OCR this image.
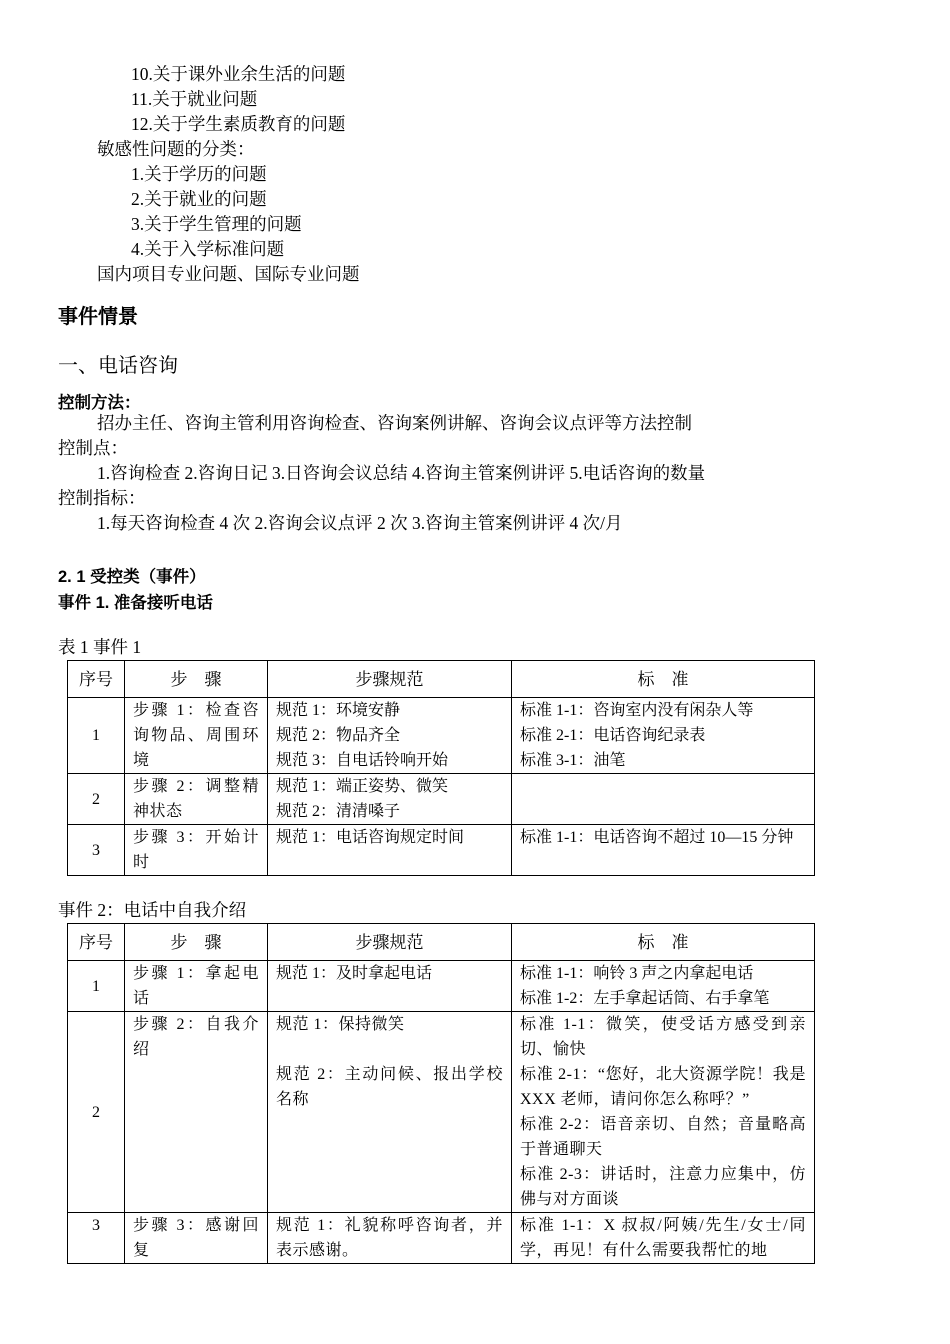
10.关于课外业余生活的问题
11.关于就业问题
12.关于学生素质教育的问题
敏感性问题的分类：
1.关于学历的问题
2.关于就业的问题
3.关于学生管理的问题
4.关于入学标准问题
国内项目专业问题、国际专业问题
事件情景
一、电话咨询
控制方法：
招办主任、咨询主管利用咨询检查、咨询案例讲解、咨询会议点评等方法控制
控制点：
1.咨询检查 2.咨询日记 3.日咨询会议总结 4.咨询主管案例讲评 5.电话咨询的数量
控制指标：
1.每天咨询检查 4 次 2.咨询会议点评 2 次 3.咨询主管案例讲评 4 次/月
2. 1 受控类（事件）
事件 1. 准备接听电话
表 1 事件 1
序号	步　骤	步骤规范	标　准
1	步骤 1：检查咨询物品、周围环境	规范 1：环境安静
规范 2：物品齐全
规范 3：自电话铃响开始	标准 1-1：咨询室内没有闲杂人等
标准 2-1：电话咨询纪录表
标准 3-1：油笔

2	步骤 2：调整精神状态	规范 1：端正姿势、微笑
规范 2：清清嗓子	

3	步骤 3：开始计时	规范 1：电话咨询规定时间	标准 1-1：电话咨询不超过 10—15 分钟
事件 2：电话中自我介绍
序号	步　骤	步骤规范	标　准
1	步骤 1：拿起电话	规范 1：及时拿起电话	标准 1-1：响铃 3 声之内拿起电话
标准 1-2：左手拿起话筒、右手拿笔

2	步骤 2：自我介绍	规范 1：保持微笑
规范 2：主动问候、报出学校名称	标准 1-1：微笑，使受话方感受到亲切、愉快
标准 2-1：“您好，北大资源学院！我是 XXX 老师，请问你怎么称呼？”
标准 2-2：语音亲切、自然；音量略高于普通聊天
标准 2-3：讲话时，注意力应集中，仿佛与对方面谈

3	步骤 3：感谢回复	规范 1：礼貌称呼咨询者，并表示感谢。	标准 1-1：X 叔叔/阿姨/先生/女士/同学，再见！有什么需要我帮忙的地
